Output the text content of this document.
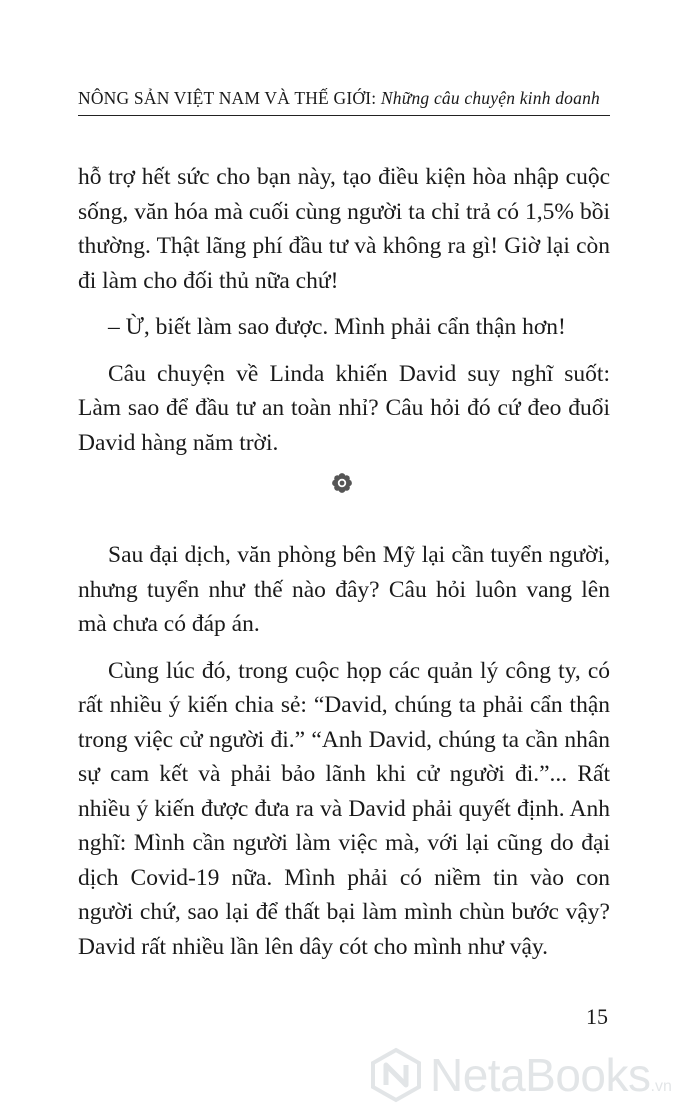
NÔNG SẢN VIỆT NAM VÀ THẾ GIỚI: Những câu chuyện kinh doanh

hỗ trợ hết sức cho bạn này, tạo điều kiện hòa nhập cuộc sống, văn hóa mà cuối cùng người ta chỉ trả có 1,5% bồi thường. Thật lãng phí đầu tư và không ra gì! Giờ lại còn đi làm cho đối thủ nữa chứ!

– Ừ, biết làm sao được. Mình phải cẩn thận hơn!

Câu chuyện về Linda khiến David suy nghĩ suốt: Làm sao để đầu tư an toàn nhỉ? Câu hỏi đó cứ đeo đuổi David hàng năm trời.

Sau đại dịch, văn phòng bên Mỹ lại cần tuyển người, nhưng tuyển như thế nào đây? Câu hỏi luôn vang lên mà chưa có đáp án.

Cùng lúc đó, trong cuộc họp các quản lý công ty, có rất nhiều ý kiến chia sẻ: “David, chúng ta phải cẩn thận trong việc cử người đi.” “Anh David, chúng ta cần nhân sự cam kết và phải bảo lãnh khi cử người đi.”... Rất nhiều ý kiến được đưa ra và David phải quyết định. Anh nghĩ: Mình cần người làm việc mà, với lại cũng do đại dịch Covid-19 nữa. Mình phải có niềm tin vào con người chứ, sao lại để thất bại làm mình chùn bước vậy? David rất nhiều lần lên dây cót cho mình như vậy.

15
NetaBooks .vn
